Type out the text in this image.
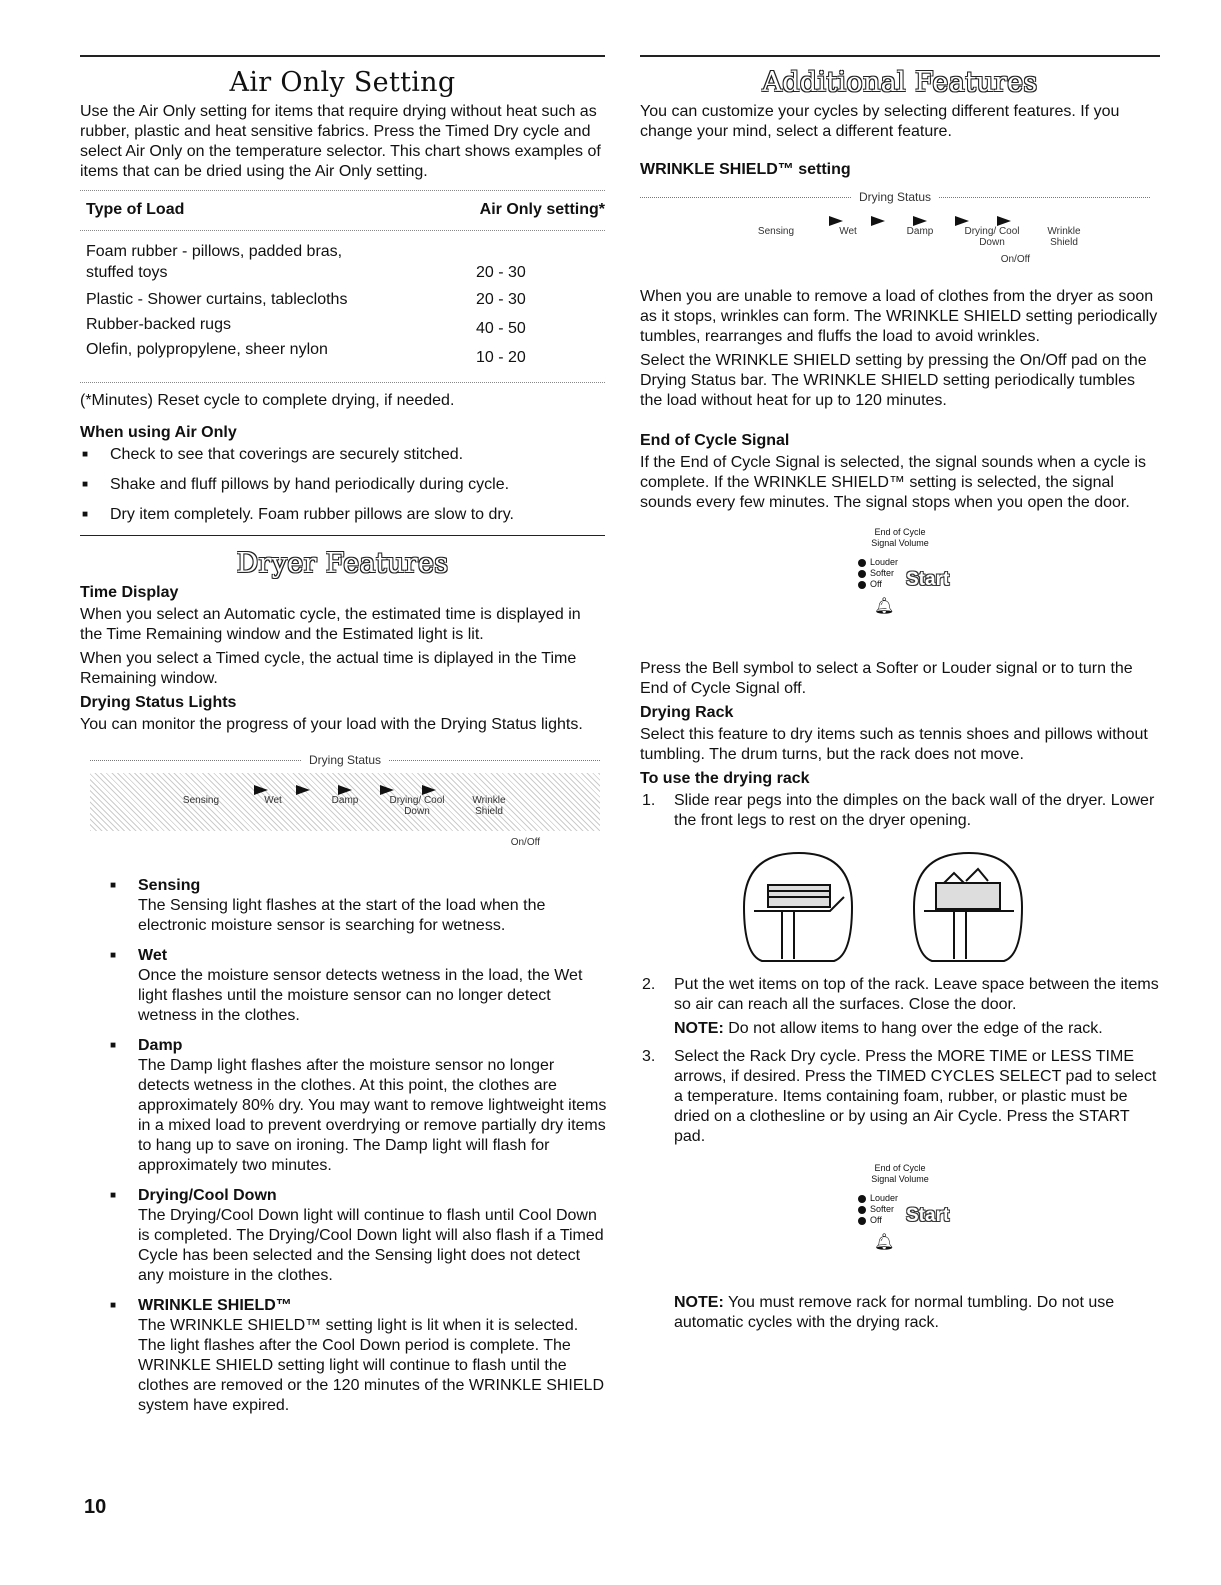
Air Only Setting

Use the Air Only setting for items that require drying without heat such as rubber, plastic and heat sensitive fabrics. Press the Timed Dry cycle and select Air Only on the temperature selector. This chart shows examples of items that can be dried using the Air Only setting.

Type of Load	Air Only setting*
Foam rubber - pillows, padded bras, stuffed toys	20 - 30
Plastic - Shower curtains, tablecloths	20 - 30
Rubber-backed rugs	40 - 50
Olefin, polypropylene, sheer nylon	10 - 20

(*Minutes) Reset cycle to complete drying, if needed.

When using Air Only
■ Check to see that coverings are securely stitched.
■ Shake and fluff pillows by hand periodically during cycle.
■ Dry item completely. Foam rubber pillows are slow to dry.
Dryer Features
Time Display

When you select an Automatic cycle, the estimated time is displayed in the Time Remaining window and the Estimated light is lit.

When you select a Timed cycle, the actual time is diplayed in the Time Remaining window.

Drying Status Lights

You can monitor the progress of your load with the Drying Status lights.

Drying Status
Sensing	Wet	Damp	Drying/ Cool Down
Wrinkle Shield
On/Off
■ Sensing
The Sensing light flashes at the start of the load when the electronic moisture sensor is searching for wetness.
■ Wet
Once the moisture sensor detects wetness in the load, the Wet light flashes until the moisture sensor can no longer detect wetness in the clothes.
■ Damp
The Damp light flashes after the moisture sensor no longer detects wetness in the clothes. At this point, the clothes are approximately 80% dry. You may want to remove lightweight items in a mixed load to prevent overdrying or remove partially dry items to hang up to save on ironing. The Damp light will flash for approximately two minutes.
■ Drying/Cool Down
The Drying/Cool Down light will continue to flash until Cool Down is completed. The Drying/Cool Down light will also flash if a Timed Cycle has been selected and the Sensing light does not detect any moisture in the clothes.
■ WRINKLE SHIELD™
The WRINKLE SHIELD™ setting light is lit when it is selected. The light flashes after the Cool Down period is complete. The WRINKLE SHIELD setting light will continue to flash until the clothes are removed or the 120 minutes of the WRINKLE SHIELD system have expired.
10
Additional Features

You can customize your cycles by selecting different features. If you change your mind, select a different feature.

WRINKLE SHIELD™ setting
Drying Status
Sensing	Wet	Damp	Drying/ Cool Down
Wrinkle Shield
On/Off

When you are unable to remove a load of clothes from the dryer as soon as it stops, wrinkles can form. The WRINKLE SHIELD setting periodically tumbles, rearranges and fluffs the load to avoid wrinkles.

Select the WRINKLE SHIELD setting by pressing the On/Off pad on the Drying Status bar. The WRINKLE SHIELD setting periodically tumbles the load without heat for up to 120 minutes.

End of Cycle Signal

If the End of Cycle Signal is selected, the signal sounds when a cycle is complete. If the WRINKLE SHIELD™ setting is selected, the signal sounds every few minutes. The signal stops when you open the door.

End of Cycle
Signal Volume
Louder
Softer
Off Start
🔔︎

Press the Bell symbol to select a Softer or Louder signal or to turn the End of Cycle Signal off.

Drying Rack

Select this feature to dry items such as tennis shoes and pillows without tumbling. The drum turns, but the rack does not move.

To use the drying rack
1. Slide rear pegs into the dimples on the back wall of the dryer. Lower the front legs to rest on the dryer opening.
2. Put the wet items on top of the rack. Leave space between the items so air can reach all the surfaces. Close the door.
NOTE: Do not allow items to hang over the edge of the rack.
3. Select the Rack Dry cycle. Press the MORE TIME or LESS TIME arrows, if desired. Press the TIMED CYCLES SELECT pad to select a temperature. Items containing foam, rubber, or plastic must be dried on a clothesline or by using an Air Cycle. Press the START pad.
End of Cycle
Signal Volume
Louder
Softer
Off Start
🔔︎

NOTE: You must remove rack for normal tumbling. Do not use automatic cycles with the drying rack.
